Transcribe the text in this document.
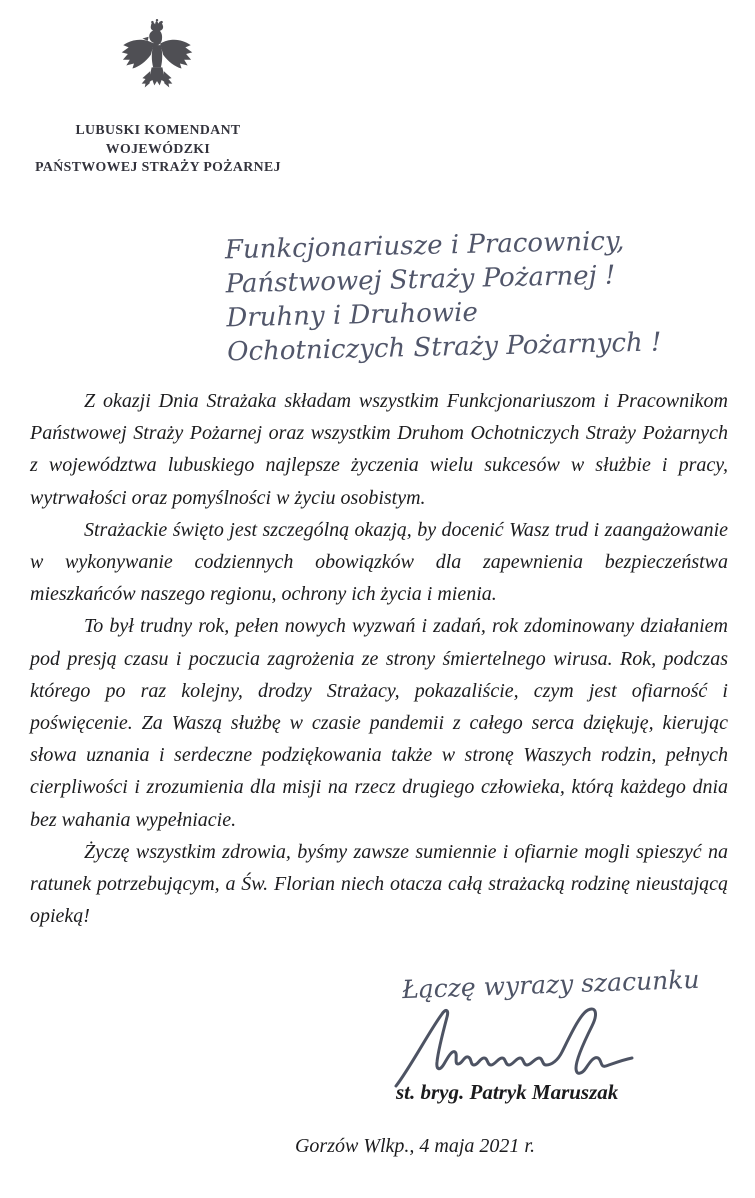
LUBUSKI KOMENDANT WOJEWÓDZKI
PAŃSTWOWEJ STRAŻY POŻARNEJ
Funkcjonariusze i Pracownicy,
Państwowej Straży Pożarnej !
Druhny i Druhowie
Ochotniczych Straży Pożarnych !

Z okazji Dnia Strażaka składam wszystkim Funkcjonariuszom i Pracownikom Państwowej Straży Pożarnej oraz wszystkim Druhom Ochotniczych Straży Pożarnych z województwa lubuskiego najlepsze życzenia wielu sukcesów w służbie i pracy, wytrwałości oraz pomyślności w życiu osobistym.

Strażackie święto jest szczególną okazją, by docenić Wasz trud i zaangażowanie w wykonywanie codziennych obowiązków dla zapewnienia bezpieczeństwa mieszkańców naszego regionu, ochrony ich życia i mienia.

To był trudny rok, pełen nowych wyzwań i zadań, rok zdominowany działaniem pod presją czasu i poczucia zagrożenia ze strony śmiertelnego wirusa. Rok, podczas którego po raz kolejny, drodzy Strażacy, pokazaliście, czym jest ofiarność i poświęcenie. Za Waszą służbę w czasie pandemii z całego serca dziękuję, kierując słowa uznania i serdeczne podziękowania także w stronę Waszych rodzin, pełnych cierpliwości i zrozumienia dla misji na rzecz drugiego człowieka, którą każdego dnia bez wahania wypełniacie.

Życzę wszystkim zdrowia, byśmy zawsze sumiennie i ofiarnie mogli spieszyć na ratunek potrzebującym, a Św. Florian niech otacza całą strażacką rodzinę nieustającą opieką!

Łączę wyrazy szacunku
st. bryg. Patryk Maruszak
Gorzów Wlkp., 4 maja 2021 r.
